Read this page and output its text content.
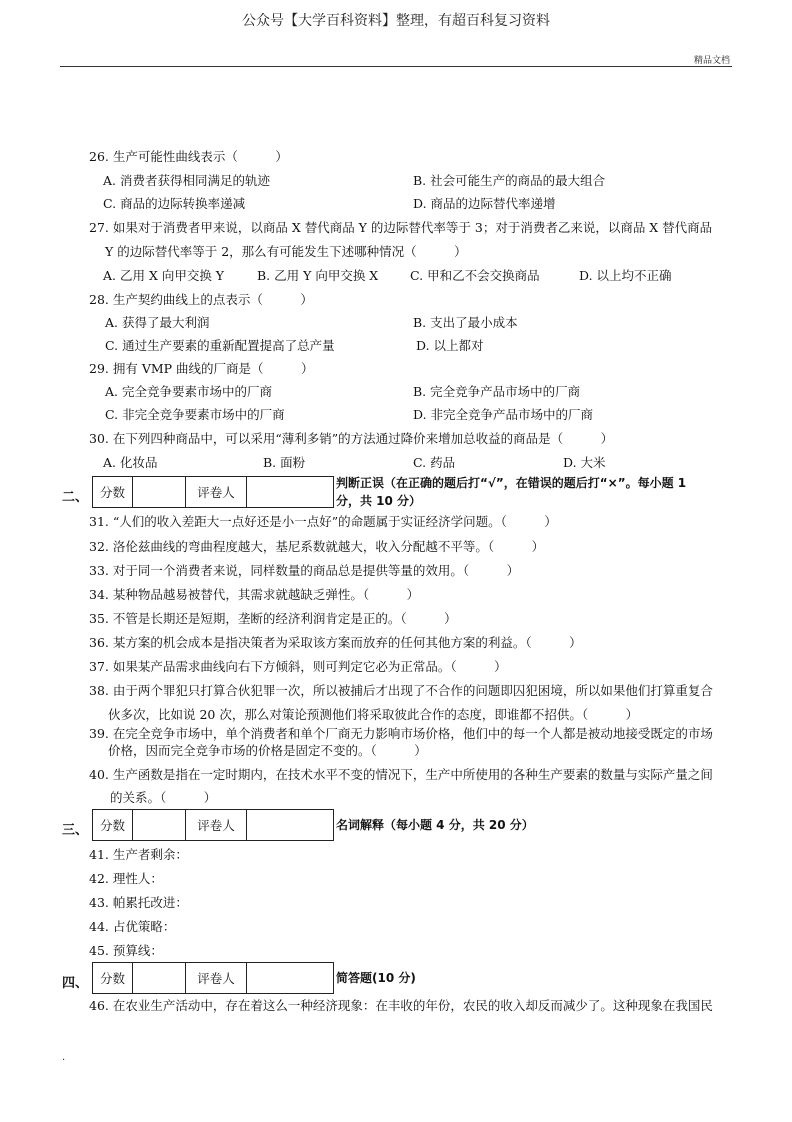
公众号【大学百科资料】整理，有超百科复习资料
精品文档
26. 生产可能性曲线表示（　　　）
A. 消费者获得相同满足的轨迹	B. 社会可能生产的商品的最大组合
C. 商品的边际转换率递减	D. 商品的边际替代率递增
27. 如果对于消费者甲来说，以商品 X 替代商品 Y 的边际替代率等于 3；对于消费者乙来说，以商品 X 替代商品
Y 的边际替代率等于 2，那么有可能发生下述哪种情况（　　　）
A. 乙用 X 向甲交换 Y	B. 乙用 Y 向甲交换 X	C. 甲和乙不会交换商品	D. 以上均不正确
28. 生产契约曲线上的点表示（　　　）
A. 获得了最大利润	B. 支出了最小成本
C. 通过生产要素的重新配置提高了总产量	D. 以上都对
29. 拥有 VMP 曲线的厂商是（　　　）
A. 完全竞争要素市场中的厂商	B. 完全竞争产品市场中的厂商
C. 非完全竞争要素市场中的厂商	D. 非完全竞争产品市场中的厂商
30. 在下列四种商品中，可以采用“薄利多销”的方法通过降价来增加总收益的商品是（　　　）
A. 化妆品	B. 面粉	C. 药品	D. 大米
二、 分数		评卷人	
判断正误（在正确的题后打“√”，在错误的题后打“×”。每小题 1
分，共 10 分）
31. “人们的收入差距大一点好还是小一点好”的命题属于实证经济学问题。（　　　）
32. 洛伦兹曲线的弯曲程度越大，基尼系数就越大，收入分配越不平等。（　　　）
33. 对于同一个消费者来说，同样数量的商品总是提供等量的效用。（　　　）
34. 某种物品越易被替代，其需求就越缺乏弹性。（　　　）
35. 不管是长期还是短期，垄断的经济利润肯定是正的。（　　　）
36. 某方案的机会成本是指决策者为采取该方案而放弃的任何其他方案的利益。（　　　）
37. 如果某产品需求曲线向右下方倾斜，则可判定它必为正常品。（　　　）
38. 由于两个罪犯只打算合伙犯罪一次，所以被捕后才出现了不合作的问题即囚犯困境，所以如果他们打算重复合
伙多次，比如说 20 次，那么对策论预测他们将采取彼此合作的态度，即谁都不招供。（　　　）
39. 在完全竞争市场中，单个消费者和单个厂商无力影响市场价格，他们中的每一个人都是被动地接受既定的市场
价格，因而完全竞争市场的价格是固定不变的。（　　　）
40. 生产函数是指在一定时期内，在技术水平不变的情况下，生产中所使用的各种生产要素的数量与实际产量之间
的关系。（　　　）
三、 分数		评卷人		名词解释（每小题 4 分，共 20 分）
41. 生产者剩余：
42. 理性人：
43. 帕累托改进：
44. 占优策略：
45. 预算线：
四、 分数		评卷人		简答题(10 分)
46. 在农业生产活动中，存在着这么一种经济现象：在丰收的年份，农民的收入却反而减少了。这种现象在我国民
.
